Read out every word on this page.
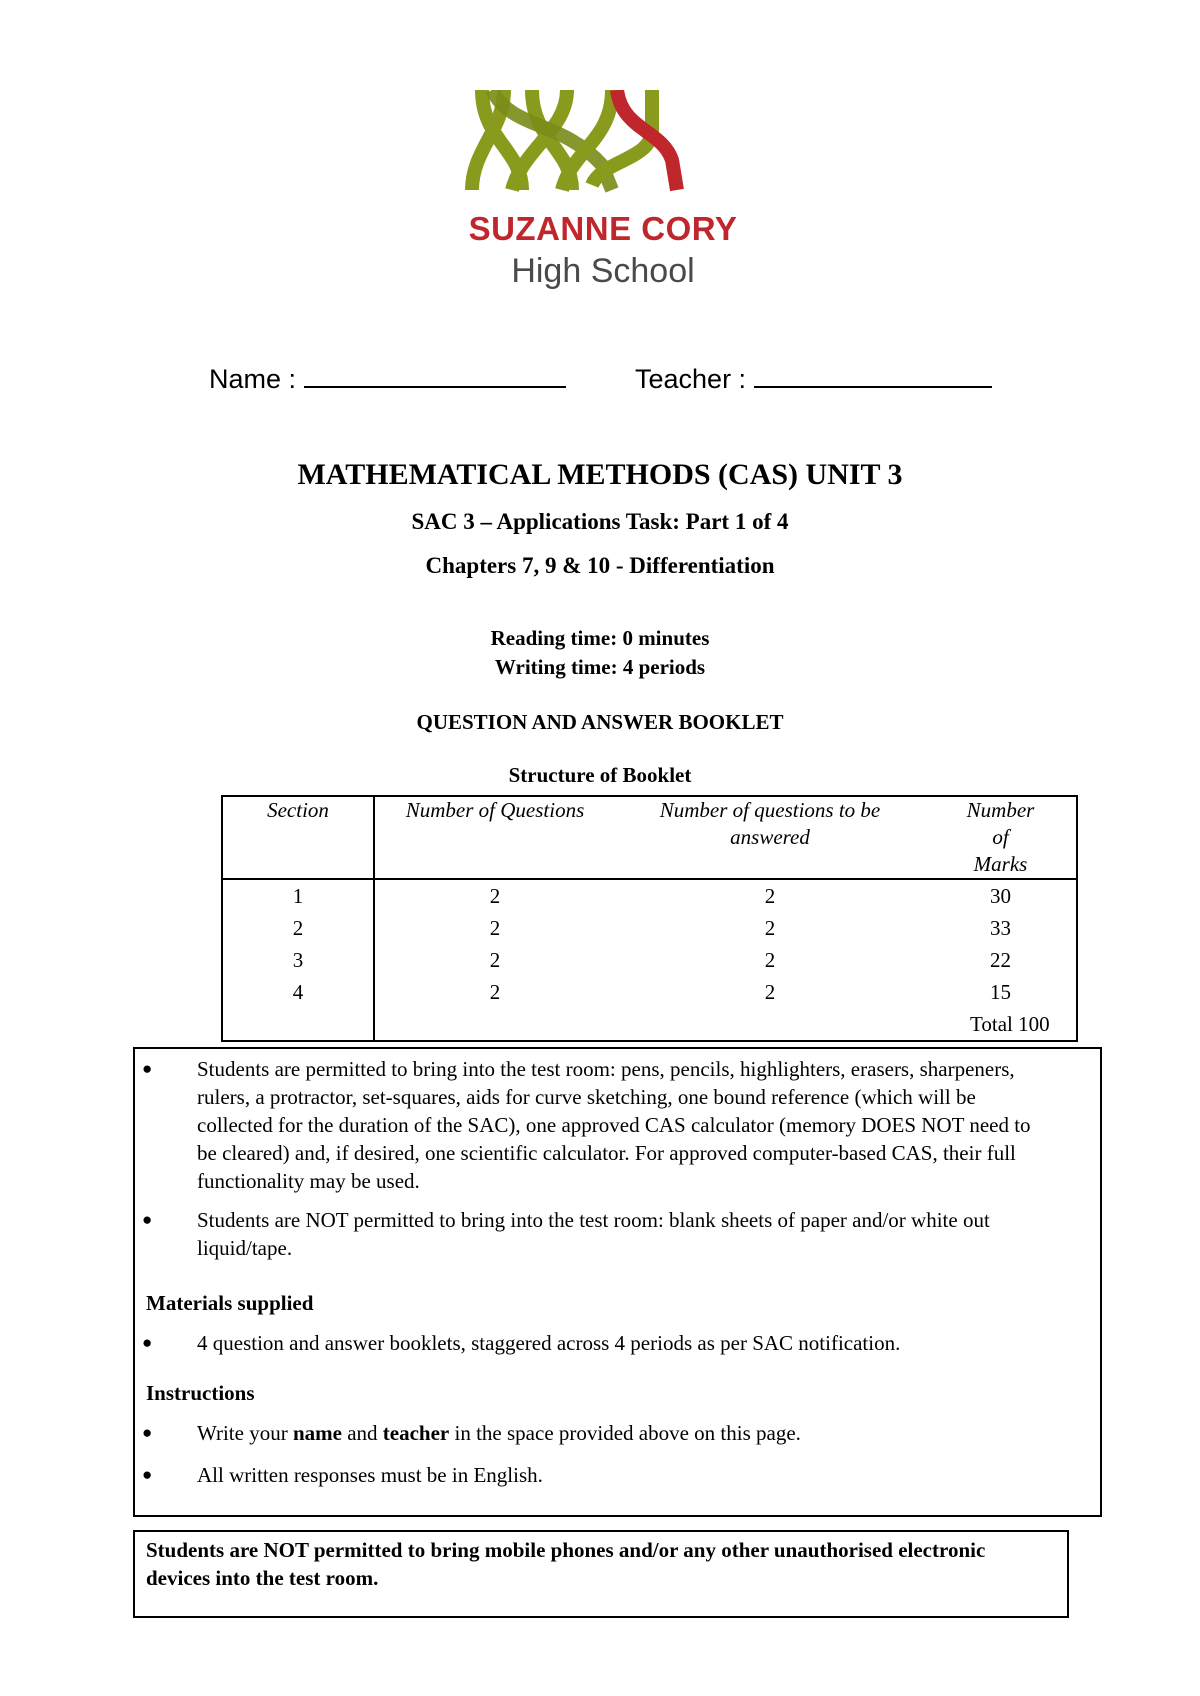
SUZANNE CORY
High School
Name :	Teacher :
MATHEMATICAL METHODS (CAS) UNIT 3
SAC 3 – Applications Task: Part 1 of 4
Chapters 7, 9 & 10 - Differentiation
Reading time: 0 minutes
Writing time: 4 periods
QUESTION AND ANSWER BOOKLET
Structure of Booklet
Section	Number of Questions	Number of questions to be answered	Number of Marks
1	2	2	30
2	2	2	33
3	2	2	22
4	2	2	15
			Total 100
● Students are permitted to bring into the test room: pens, pencils, highlighters, erasers, sharpeners, rulers, a protractor, set-squares, aids for curve sketching, one bound reference (which will be collected for the duration of the SAC), one approved CAS calculator (memory DOES NOT need to be cleared) and, if desired, one scientific calculator. For approved computer-based CAS, their full functionality may be used.
● Students are NOT permitted to bring into the test room: blank sheets of paper and/or white out liquid/tape.
Materials supplied
● 4 question and answer booklets, staggered across 4 periods as per SAC notification.
Instructions
● Write your name and teacher in the space provided above on this page.
● All written responses must be in English.

Students are NOT permitted to bring mobile phones and/or any other unauthorised electronic devices into the test room.
